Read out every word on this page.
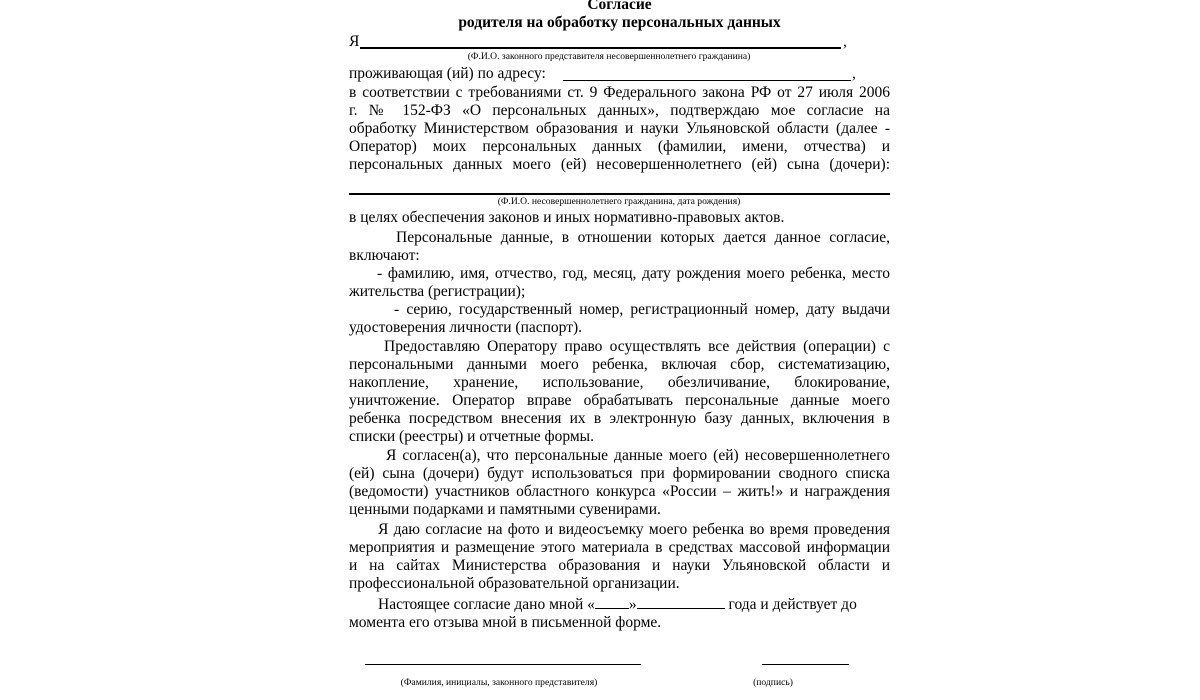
Согласие
родителя на обработку персональных данных
Я	,
(Ф.И.О. законного представителя несовершеннолетнего гражданина)
проживающая (ий) по адресу:	,
в соответствии с требованиями ст. 9 Федерального закона РФ от 27 июля 2006
г. № 152-ФЗ «О персональных данных», подтверждаю мое согласие на
обработку Министерством образования и науки Ульяновской области (далее -
Оператор) моих персональных данных (фамилии, имени, отчества) и
персональных данных моего (ей) несовершеннолетнего (ей) сына (дочери):
(Ф.И.О. несовершеннолетнего гражданина, дата рождения)
в целях обеспечения законов и иных нормативно-правовых актов.
Персональные данные, в отношении которых дается данное согласие,
включают:
- фамилию, имя, отчество, год, месяц, дату рождения моего ребенка, место
жительства (регистрации);
- серию, государственный номер, регистрационный номер, дату выдачи
удостоверения личности (паспорт).
Предоставляю Оператору право осуществлять все действия (операции) с
персональными данными моего ребенка, включая сбор, систематизацию,
накопление, хранение, использование, обезличивание, блокирование,
уничтожение. Оператор вправе обрабатывать персональные данные моего
ребенка посредством внесения их в электронную базу данных, включения в
списки (реестры) и отчетные формы.
Я согласен(а), что персональные данные моего (ей) несовершеннолетнего
(ей) сына (дочери) будут использоваться при формировании сводного списка
(ведомости) участников областного конкурса «России – жить!» и награждения
ценными подарками и памятными сувенирами.
Я даю согласие на фото и видеосъемку моего ребенка во время проведения
мероприятия и размещение этого материала в средствах массовой информации
и на сайтах Министерства образования и науки Ульяновской области и
профессиональной образовательной организации.
Настоящее согласие дано мной « »	года и действует до
момента его отзыва мной в письменной форме.
(Фамилия, инициалы, законного представителя)	(подпись)
